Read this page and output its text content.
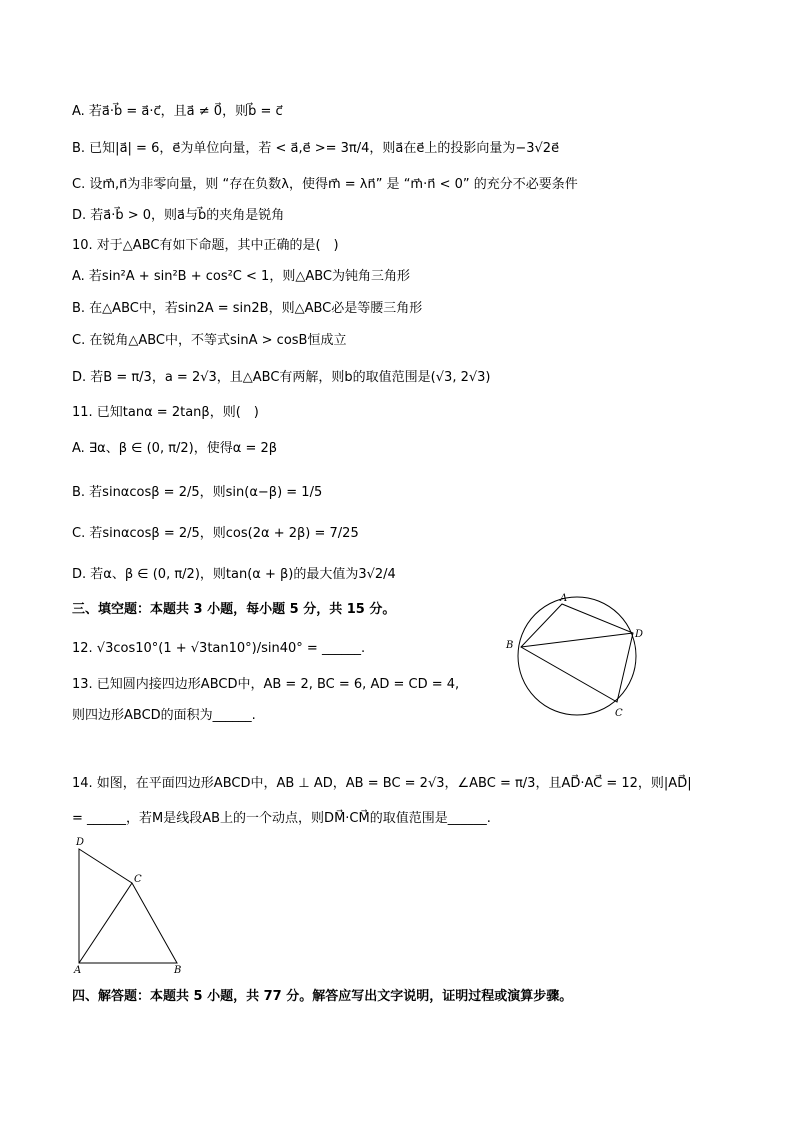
A. 若a⃗·b⃗ = a⃗·c⃗，且a⃗ ≠ 0⃗，则b⃗ = c⃗
B. 已知|a⃗| = 6，e⃗为单位向量，若 < a⃗,e⃗ >= 3π/4，则a⃗在e⃗上的投影向量为−3√2e⃗
C. 设m⃗,n⃗为非零向量，则 “存在负数λ，使得m⃗ = λn⃗” 是 “m⃗·n⃗ < 0” 的充分不必要条件
D. 若a⃗·b⃗ > 0，则a⃗与b⃗的夹角是锐角
10. 对于△ABC有如下命题，其中正确的是(　)
A. 若sin²A + sin²B + cos²C < 1，则△ABC为钝角三角形
B. 在△ABC中，若sin2A = sin2B，则△ABC必是等腰三角形
C. 在锐角△ABC中，不等式sinA > cosB恒成立
D. 若B = π/3，a = 2√3，且△ABC有两解，则b的取值范围是(√3, 2√3)
11. 已知tanα = 2tanβ，则(　)
A. ∃α、β ∈ (0, π/2)，使得α = 2β
B. 若sinαcosβ = 2/5，则sin(α−β) = 1/5
C. 若sinαcosβ = 2/5，则cos(2α + 2β) = 7/25
D. 若α、β ∈ (0, π/2)，则tan(α + β)的最大值为3√2/4
三、填空题：本题共 3 小题，每小题 5 分，共 15 分。
12. √3cos10°(1 + √3tan10°)/sin40° = ______.
13. 已知圆内接四边形ABCD中，AB = 2, BC = 6, AD = CD = 4,
则四边形ABCD的面积为______.
14. 如图，在平面四边形ABCD中，AB ⊥ AD，AB = BC = 2√3，∠ABC = π/3，且AD⃗·AC⃗ = 12，则|AD⃗|
= ______，若M是线段AB上的一个动点，则DM⃗·CM⃗的取值范围是______.
四、解答题：本题共 5 小题，共 77 分。解答应写出文字说明，证明过程或演算步骤。
A
B
D
C
D
C
A	B
